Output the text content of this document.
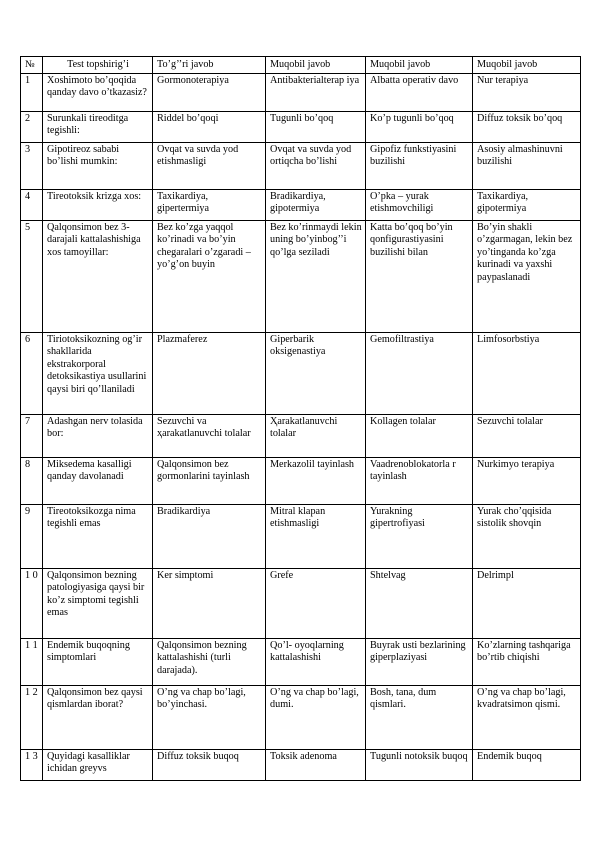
№	Test topshirig’i	To’g’’ri javob	Muqobil javob	Muqobil javob	Muqobil javob
1	Xoshimoto bo’qoqida qanday davo o’tkazasiz?	Gormonoterapiya	Antibakterialterap iya	Albatta operativ davo	Nur terapiya
2	Surunkali tireoditga tegishli:	Riddel bo’qoqi	Tugunli bo’qoq	Ko’p tugunli bo’qoq	Diffuz toksik bo’qoq
3	Gipotireoz sababi bo’lishi mumkin:	Ovqat va suvda yod etishmasligi	Ovqat va suvda yod ortiqcha bo’lishi	Gipofiz funkstiyasini buzilishi	Asosiy almashinuvni buzilishi
4	Tireotoksik krizga xos:	Taxikardiya, gipertermiya	Bradikardiya, gipotermiya	O’pka – yurak etishmovchiligi	Taxikardiya, gipotermiya
5	Qalqonsimon bez 3-darajali kattalashishiga xos tamoyillar:	Bez ko’zga yaqqol ko’rinadi va bo’yin chegaralari o’zgaradi – yo’g’on buyin	Bez ko’rinmaydi lekin uning bo’yinbog’’i qo’lga seziladi	Katta bo’qoq bo’yin qonfigurastiyasini buzilishi bilan	Bo’yin shakli o’zgarmagan, lekin bez yo’tinganda ko’zga kurinadi va yaxshi paypaslanadi
6	Tiriotoksikozning og’ir shakllarida ekstrakorporal detoksikastiya usullarini qaysi biri qo’llaniladi	Plazmaferez	Giperbarik oksigenastiya	Gemofiltrastiya	Limfosorbstiya
7	Adashgan nerv tolasida bor:	Sezuvchi va ҳarakatlanuvchi tolalar	Ҳarakatlanuvchi tolalar	Kollagen tolalar	Sezuvchi tolalar
8	Miksedema kasalligi qanday davolanadi	Qalqonsimon bez gormonlarini tayinlash	Merkazolil tayinlash	Vaadrenoblokatorla r tayinlash	Nurkimyo terapiya
9	Tireotoksikozga nima tegishli emas	Bradikardiya	Mitral klapan etishmasligi	Yurakning gipertrofiyasi	Yurak cho’qqisida sistolik shovqin
1 0	Qalqonsimon bezning patologiyasiga qaysi bir ko’z simptomi tegishli emas	Ker simptomi	Grefe	Shtelvag	Delrimpl
1 1	Endemik buqoqning simptomlari	Qalqonsimon bezning kattalashishi (turli darajada).	Qo’l- oyoqlarning kattalashishi	Buyrak usti bezlarining giperplaziyasi	Ko’zlarning tashqariga bo’rtib chiqishi
1 2	Qalqonsimon bez qaysi qismlardan iborat?	O’ng va chap bo’lagi, bo’yinchasi.	O’ng va chap bo’lagi, dumi.	Bosh, tana, dum qismlari.	O’ng va chap bo’lagi, kvadratsimon qismi.
1 3	Quyidagi kasalliklar ichidan greyvs	Diffuz toksik buqoq	Toksik adenoma	Tugunli notoksik buqoq	Endemik buqoq
